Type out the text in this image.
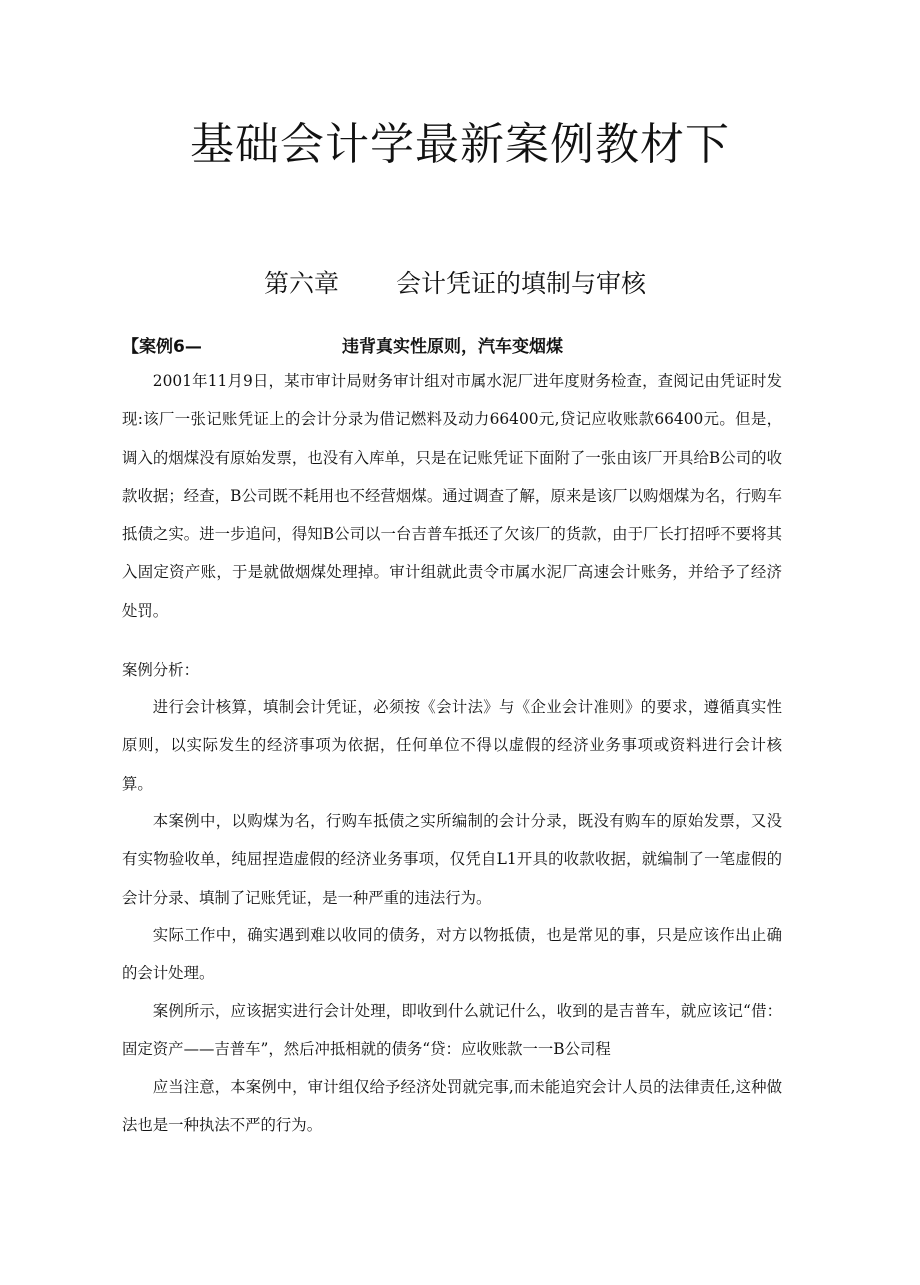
基础会计学最新案例教材下
第六章 会计凭证的填制与审核
【案例6—	违背真实性原则，汽车变烟煤

2001年11月9日，某市审计局财务审计组对市属水泥厂进年度财务检查，查阅记由凭证时发现:该厂一张记账凭证上的会计分录为借记燃料及动力66400元,贷记应收账款66400元。但是，调入的烟煤没有原始发票，也没有入库单，只是在记账凭证下面附了一张由该厂开具给B公司的收款收据；经查，B公司既不耗用也不经营烟煤。通过调查了解，原来是该厂以购烟煤为名，行购车抵债之实。进一步追问，得知B公司以一台吉普车抵还了欠该厂的货款，由于厂长打招呼不要将其入固定资产账，于是就做烟煤处理掉。审计组就此责令市属水泥厂高速会计账务，并给予了经济处罚。

案例分析：

进行会计核算，填制会计凭证，必须按《会计法》与《企业会计准则》的要求，遵循真实性原则，以实际发生的经济事项为依据，任何单位不得以虚假的经济业务事项或资料进行会计核算。

本案例中，以购煤为名，行购车抵债之实所编制的会计分录，既没有购车的原始发票，又没有实物验收单，纯屈捏造虚假的经济业务事项，仅凭自L1开具的收款收据，就编制了一笔虚假的会计分录、填制了记账凭证，是一种严重的违法行为。

实际工作中，确实遇到难以收同的债务，对方以物抵债，也是常见的事，只是应该作出止确的会计处理。

案例所示，应该据实进行会计处理，即收到什么就记什么，收到的是吉普车，就应该记“借：固定资产——吉普车”，然后冲抵相就的债务“贷：应收账款一一B公司程

应当注意，本案例中，审计组仅给予经济处罚就完事,而未能追究会计人员的法律责任,这种做法也是一种执法不严的行为。
